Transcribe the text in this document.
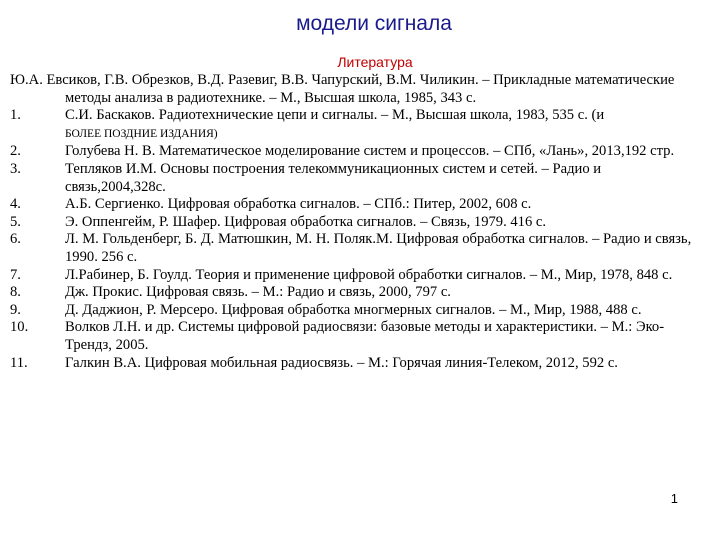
модели сигнала
Литература
Ю.А. Евсиков, Г.В. Обрезков, В.Д. Разевиг, В.В. Чапурский, В.М. Чиликин. – Прикладные математические методы анализа в радиотехнике. – М., Высшая школа, 1985, 343 с.
1.	С.И. Баскаков. Радиотехнические цепи и сигналы. – М., Высшая школа, 1983, 535 с. (и
БОЛЕЕ ПОЗДНИЕ ИЗДАНИЯ)
2.	Голубева Н. В. Математическое моделирование систем и процессов. – СПб, «Лань», 2013,192 стр.
3.	Тепляков И.М. Основы построения телекоммуникационных систем и сетей. – Радио и связь,2004,328с.
4.	А.Б. Сергиенко. Цифровая обработка сигналов. – СПб.: Питер, 2002, 608 с.
5.	Э. Оппенгейм, Р. Шафер. Цифровая обработка сигналов. – Связь, 1979. 416 с.
6.	Л. М. Гольденберг, Б. Д. Матюшкин, М. Н. Поляк.М. Цифровая обработка сигналов. – Радио и связь, 1990. 256 с.
7.	Л.Рабинер, Б. Гоулд. Теория и применение цифровой обработки сигналов. – М., Мир, 1978, 848 с.
8.	Дж. Прокис. Цифровая связь. – М.: Радио и связь, 2000, 797 с.
9.	Д. Даджион, Р. Мерсеро. Цифровая обработка многмерных сигналов. – М., Мир, 1988, 488 с.
10.	Волков Л.Н. и др. Системы цифровой радиосвязи: базовые методы и характеристики. – М.: Эко-Трендз, 2005.
11.	Галкин В.А. Цифровая мобильная радиосвязь. – М.: Горячая линия-Телеком, 2012, 592 с.
1
